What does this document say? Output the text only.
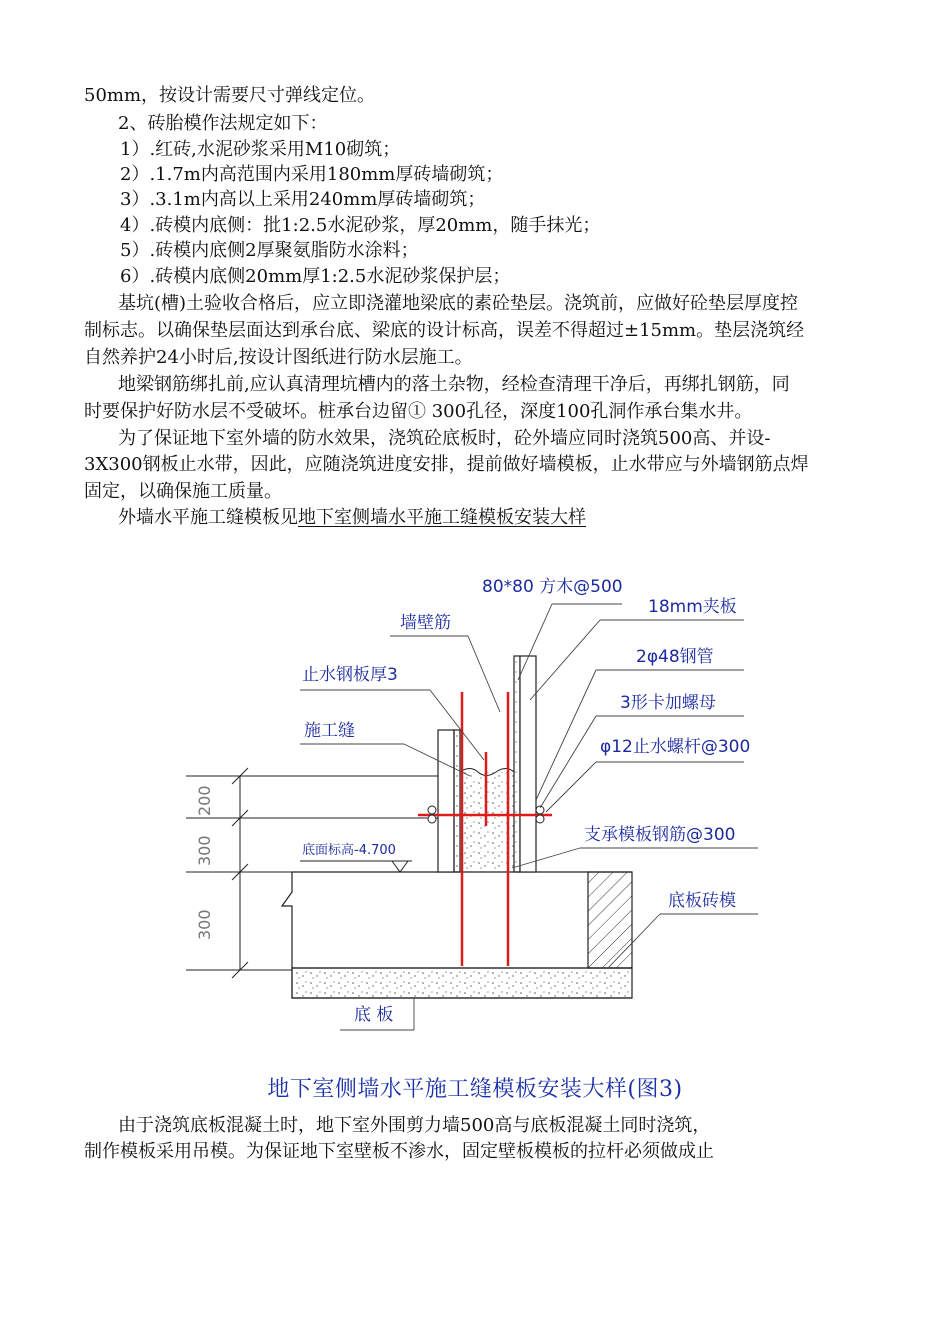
50mm，按设计需要尺寸弹线定位。
2、砖胎模作法规定如下：
1）.红砖,水泥砂浆采用M10砌筑；
2）.1.7m内高范围内采用180mm厚砖墙砌筑；
3）.3.1m内高以上采用240mm厚砖墙砌筑；
4）.砖模内底侧：批1:2.5水泥砂浆，厚20mm，随手抹光；
5）.砖模内底侧2厚聚氨脂防水涂料；
6）.砖模内底侧20mm厚1:2.5水泥砂浆保护层；
基坑(槽)土验收合格后，应立即浇灌地梁底的素砼垫层。浇筑前，应做好砼垫层厚度控
制标志。以确保垫层面达到承台底、梁底的设计标高，误差不得超过±15mm。垫层浇筑经
自然养护24小时后,按设计图纸进行防水层施工。
地梁钢筋绑扎前,应认真清理坑槽内的落土杂物，经检查清理干净后，再绑扎钢筋，同
时要保护好防水层不受破坏。桩承台边留① 300孔径，深度100孔洞作承台集水井。
为了保证地下室外墙的防水效果，浇筑砼底板时，砼外墙应同时浇筑500高、并设-
3X300钢板止水带，因此，应随浇筑进度安排，提前做好墙模板，止水带应与外墙钢筋点焊
固定，以确保施工质量。
外墙水平施工缝模板见地下室侧墙水平施工缝模板安装大样
200
300
300
底面标高-4.700
80*80 方木@500
18mm夹板
墙壁筋
2φ48钢管
止水钢板厚3
3形卡加螺母
施工缝
φ12止水螺杆@300
支承模板钢筋@300
底板砖模
底 板
地下室侧墙水平施工缝模板安装大样(图3)
由于浇筑底板混凝土时，地下室外围剪力墙500高与底板混凝土同时浇筑，
制作模板采用吊模。为保证地下室壁板不渗水，固定壁板模板的拉杆必须做成止
